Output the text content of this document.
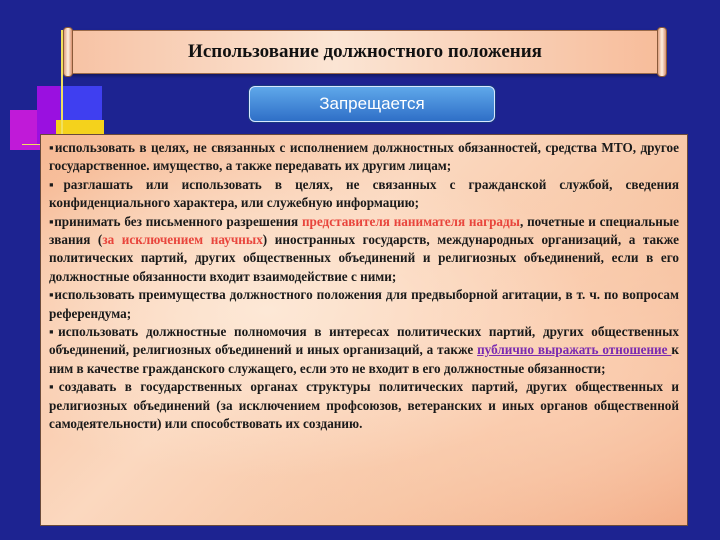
Использование должностного положения
Запрещается

▪использовать в целях, не связанных с исполнением должностных обязанностей, средства МТО, другое государственное. имущество, а также передавать их другим лицам;

▪разглашать или использовать в целях, не связанных с гражданской службой, сведения конфиденциального характера, или служебную информацию;

▪принимать без письменного разрешения представителя нанимателя награды, почетные и специальные звания (за исключением научных) иностранных государств, международных организаций, а также политических партий, других общественных объединений и религиозных объединений, если в его должностные обязанности входит взаимодействие с ними;

▪использовать преимущества должностного положения для предвыборной агитации, в т. ч. по вопросам референдума;

▪использовать должностные полномочия в интересах политических партий, других общественных объединений, религиозных объединений и иных организаций, а также публично выражать отношение к ним в качестве гражданского служащего, если это не входит в его должностные обязанности;

▪создавать в государственных органах структуры политических партий, других общественных и религиозных объединений (за исключением профсоюзов, ветеранских и иных органов общественной самодеятельности) или способствовать их созданию.
